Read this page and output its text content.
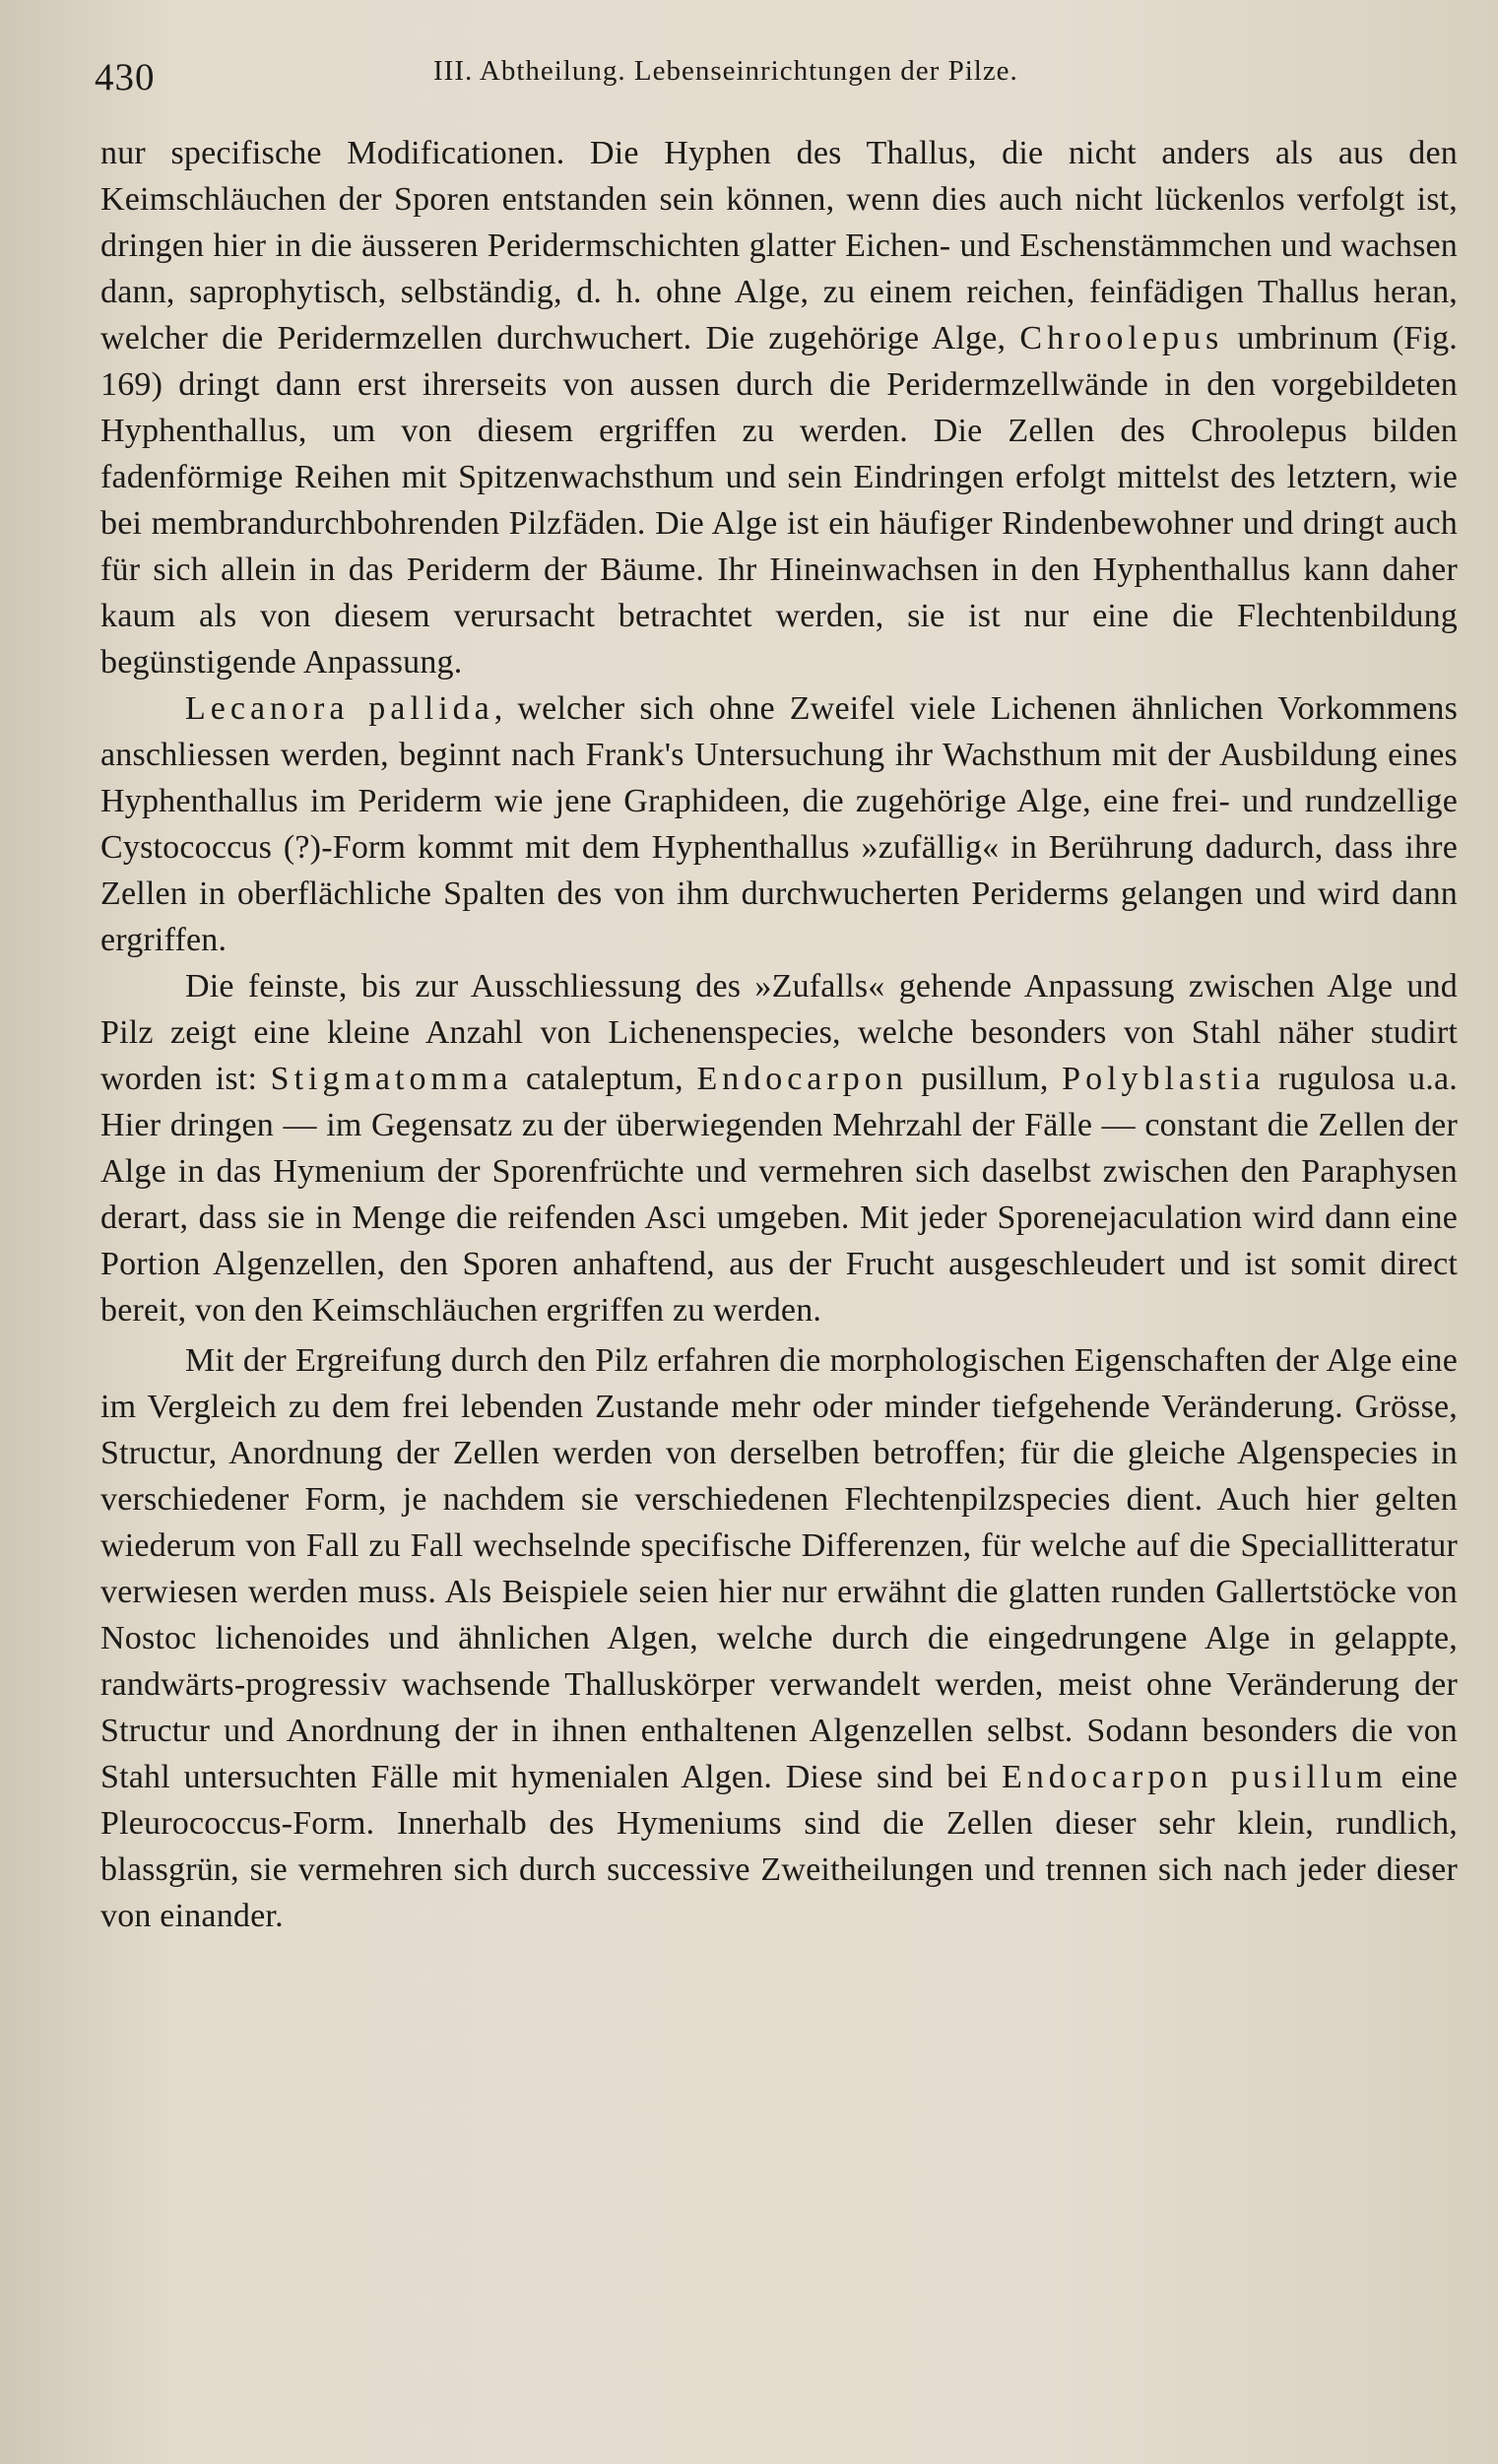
430	III. Abtheilung. Lebenseinrichtungen der Pilze.

nur specifische Modificationen. Die Hyphen des Thallus, die nicht anders als aus den Keimschläuchen der Sporen entstanden sein können, wenn dies auch nicht lückenlos verfolgt ist, dringen hier in die äusseren Peridermschichten glatter Eichen- und Eschenstämmchen und wachsen dann, saprophytisch, selbständig, d. h. ohne Alge, zu einem reichen, feinfädigen Thallus heran, welcher die Peridermzellen durchwuchert. Die zugehörige Alge, Chroolepus umbrinum (Fig. 169) dringt dann erst ihrerseits von aussen durch die Peridermzellwände in den vorgebildeten Hyphenthallus, um von diesem ergriffen zu werden. Die Zellen des Chroolepus bilden fadenförmige Reihen mit Spitzenwachsthum und sein Eindringen erfolgt mittelst des letztern, wie bei membrandurchbohrenden Pilzfäden. Die Alge ist ein häufiger Rindenbewohner und dringt auch für sich allein in das Periderm der Bäume. Ihr Hineinwachsen in den Hyphenthallus kann daher kaum als von diesem verursacht betrachtet werden, sie ist nur eine die Flechtenbildung begünstigende Anpassung.

Lecanora pallida, welcher sich ohne Zweifel viele Lichenen ähnlichen Vorkommens anschliessen werden, beginnt nach Frank's Untersuchung ihr Wachsthum mit der Ausbildung eines Hyphenthallus im Periderm wie jene Graphideen, die zugehörige Alge, eine frei- und rundzellige Cystococcus (?)-Form kommt mit dem Hyphenthallus »zufällig« in Berührung dadurch, dass ihre Zellen in oberflächliche Spalten des von ihm durchwucherten Periderms gelangen und wird dann ergriffen.

Die feinste, bis zur Ausschliessung des »Zufalls« gehende Anpassung zwischen Alge und Pilz zeigt eine kleine Anzahl von Lichenenspecies, welche besonders von Stahl näher studirt worden ist: Stigmatomma cataleptum, Endocarpon pusillum, Polyblastia rugulosa u.a. Hier dringen — im Gegensatz zu der überwiegenden Mehrzahl der Fälle — constant die Zellen der Alge in das Hymenium der Sporenfrüchte und vermehren sich daselbst zwischen den Paraphysen derart, dass sie in Menge die reifenden Asci umgeben. Mit jeder Sporenejaculation wird dann eine Portion Algenzellen, den Sporen anhaftend, aus der Frucht ausgeschleudert und ist somit direct bereit, von den Keimschläuchen ergriffen zu werden.

Mit der Ergreifung durch den Pilz erfahren die morphologischen Eigenschaften der Alge eine im Vergleich zu dem frei lebenden Zustande mehr oder minder tiefgehende Veränderung. Grösse, Structur, Anordnung der Zellen werden von derselben betroffen; für die gleiche Algenspecies in verschiedener Form, je nachdem sie verschiedenen Flechtenpilzspecies dient. Auch hier gelten wiederum von Fall zu Fall wechselnde specifische Differenzen, für welche auf die Speciallitteratur verwiesen werden muss. Als Beispiele seien hier nur erwähnt die glatten runden Gallertstöcke von Nostoc lichenoides und ähnlichen Algen, welche durch die eingedrungene Alge in gelappte, randwärts-progressiv wachsende Thalluskörper verwandelt werden, meist ohne Veränderung der Structur und Anordnung der in ihnen enthaltenen Algenzellen selbst. Sodann besonders die von Stahl untersuchten Fälle mit hymenialen Algen. Diese sind bei Endocarpon pusillum eine Pleurococcus-Form. Innerhalb des Hymeniums sind die Zellen dieser sehr klein, rundlich, blassgrün, sie vermehren sich durch successive Zweitheilungen und trennen sich nach jeder dieser von einander.
